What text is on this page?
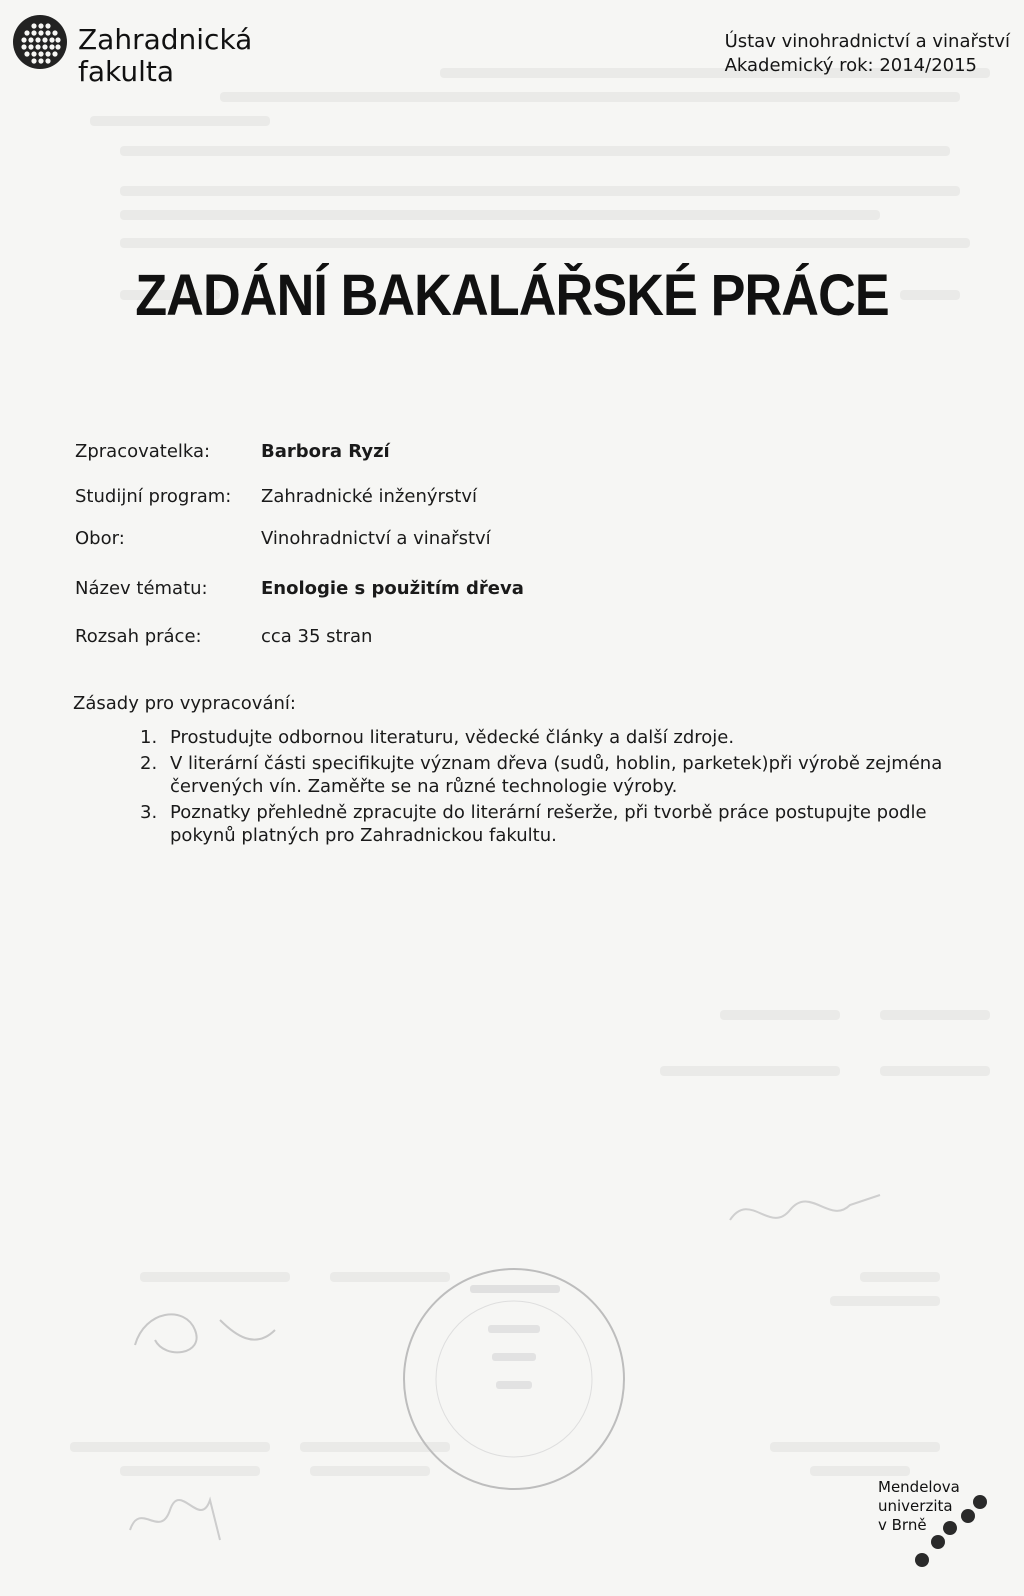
Zahradnická
fakulta
Ústav vinohradnictví a vinařství
Akademický rok: 2014/2015
ZADÁNÍ BAKALÁŘSKÉ PRÁCE
Zpracovatelka:	Barbora Ryzí
Studijní program: Zahradnické inženýrství
Obor:	Vinohradnictví a vinařství
Název tématu:	Enologie s použitím dřeva
Rozsah práce:	cca 35 stran
Zásady pro vypracování:
1. Prostudujte odbornou literaturu, vědecké články a další zdroje.
2. V literární části specifikujte význam dřeva (sudů, hoblin, parketek)při výrobě zejména červených vín. Zaměřte se na různé technologie výroby.
3. Poznatky přehledně zpracujte do literární rešerže, při tvorbě práce postupujte podle pokynů platných pro Zahradnickou fakultu.
Mendelova
univerzita
v Brně
